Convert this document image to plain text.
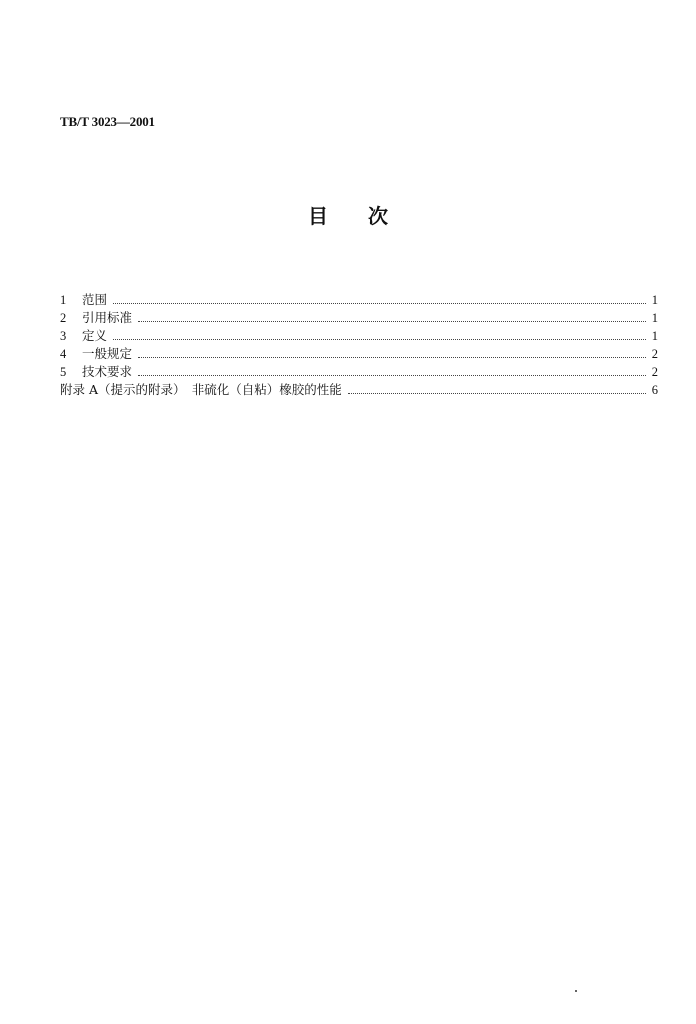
TB/T 3023—2001
目 次
1	范围	1
2	引用标准	1
3	定义	1
4	一般规定	2
5	技术要求	2
附录 A（提示的附录）　非硫化（自粘）橡胶的性能	6
